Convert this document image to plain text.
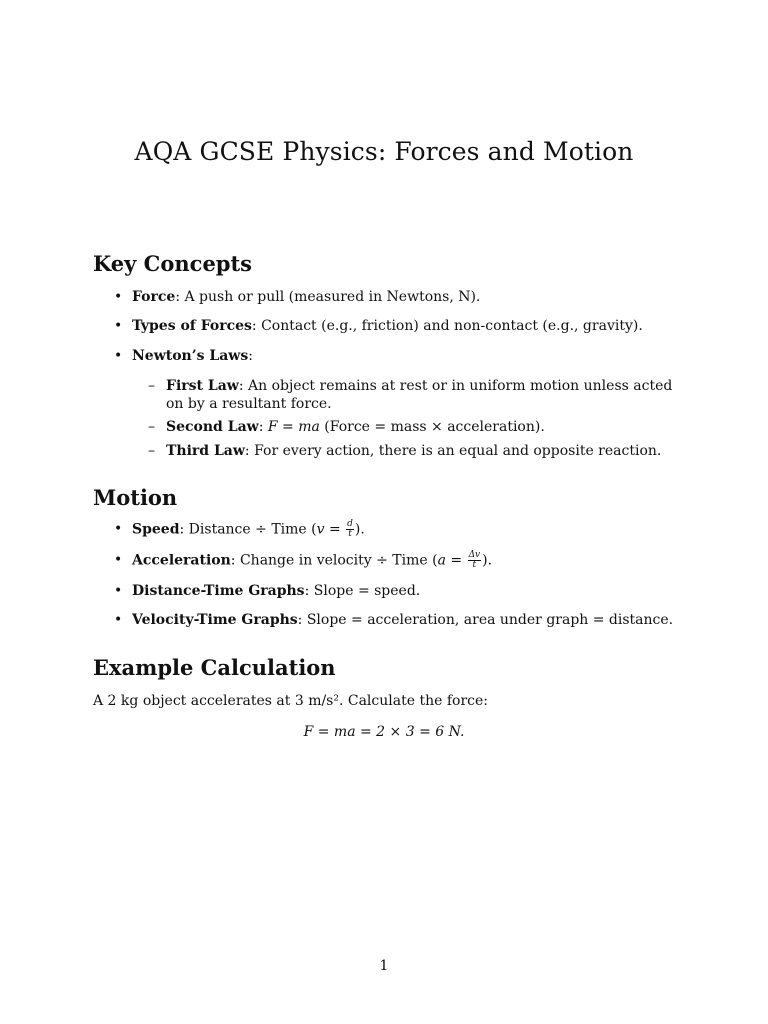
AQA GCSE Physics: Forces and Motion
Key Concepts
• Force: A push or pull (measured in Newtons, N).
• Types of Forces: Contact (e.g., friction) and non-contact (e.g., gravity).
• Newton’s Laws:
– First Law: An object remains at rest or in uniform motion unless acted on by a resultant force.
– Second Law: F = ma (Force = mass × acceleration).
– Third Law: For every action, there is an equal and opposite reaction.
Motion
• Speed: Distance ÷ Time ($v = \frac{d}{t}$ ).
• Acceleration: Change in velocity ÷ Time ($a = \frac{\Delta v}{t}$ ).
• Distance-Time Graphs: Slope = speed.
• Velocity-Time Graphs: Slope = acceleration, area under graph = distance.
Example Calculation

A 2 kg object accelerates at 3 m/s². Calculate the force:

F = ma = 2 × 3 = 6 N.
1
